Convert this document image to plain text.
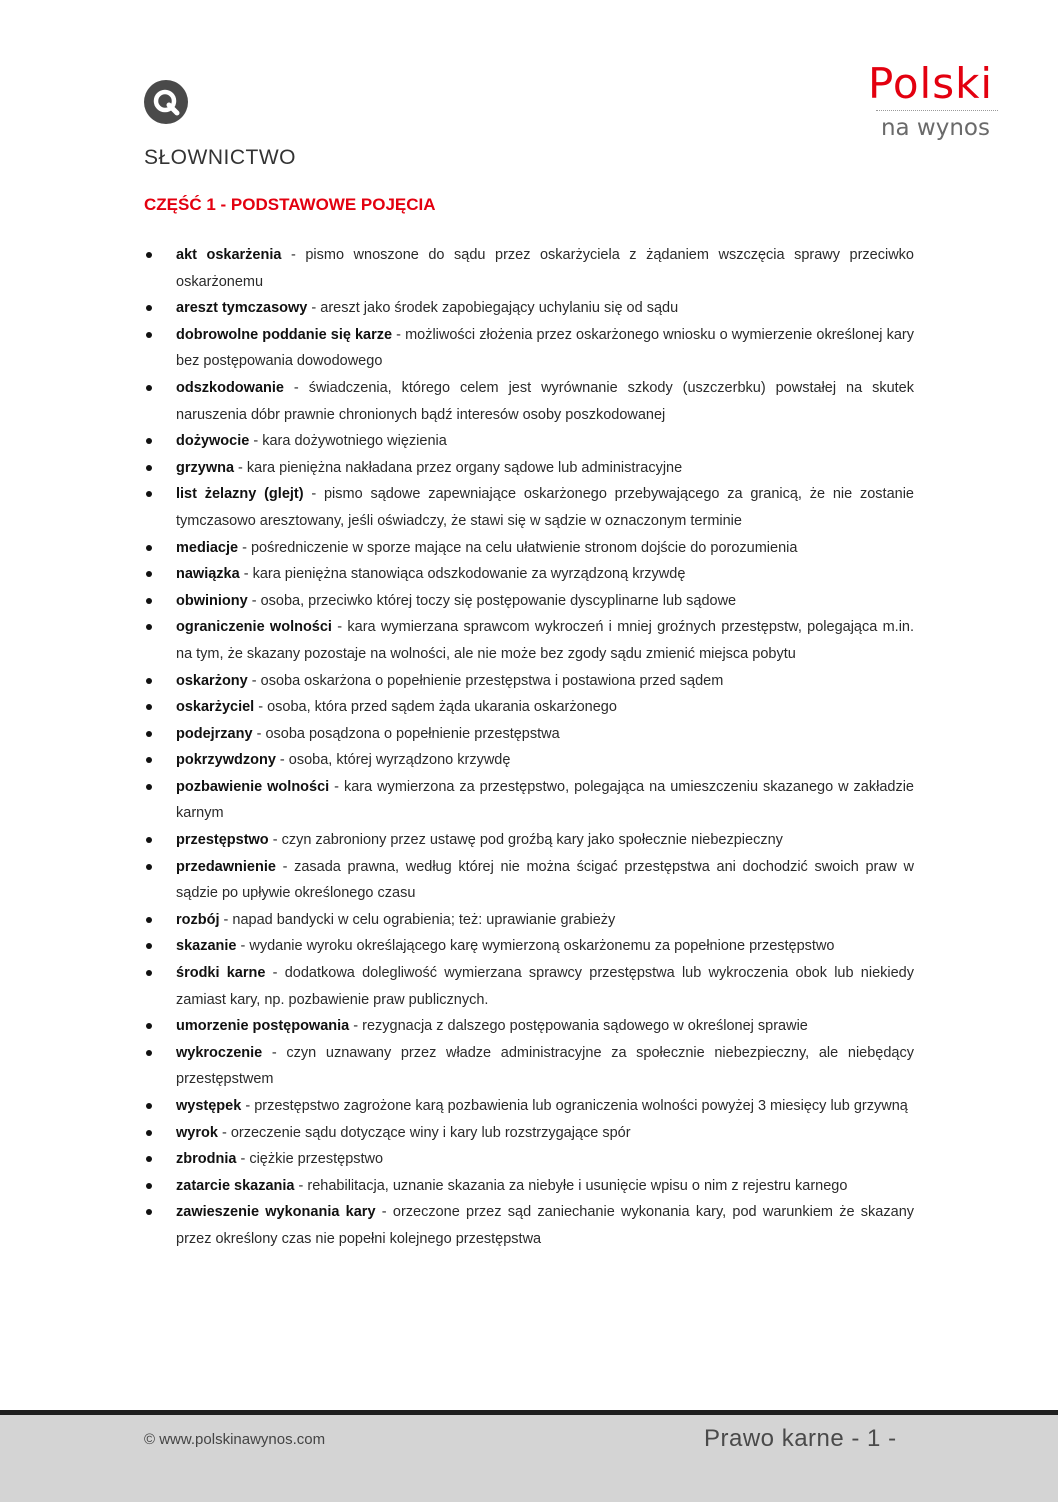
Polski
na wynos
SŁOWNICTWO
CZĘŚĆ 1 - PODSTAWOWE POJĘCIA
akt oskarżenia - pismo wnoszone do sądu przez oskarżyciela z żądaniem wszczęcia sprawy przeciwko oskarżonemu
areszt tymczasowy - areszt jako środek zapobiegający uchylaniu się od sądu
dobrowolne poddanie się karze - możliwości złożenia przez oskarżonego wniosku o wymierzenie określonej kary bez postępowania dowodowego
odszkodowanie - świadczenia, którego celem jest wyrównanie szkody (uszczerbku) powstałej na skutek naruszenia dóbr prawnie chronionych bądź interesów osoby poszkodowanej
dożywocie - kara dożywotniego więzienia
grzywna - kara pieniężna nakładana przez organy sądowe lub administracyjne
list żelazny (glejt) - pismo sądowe zapewniające oskarżonego przebywającego za granicą, że nie zostanie tymczasowo aresztowany, jeśli oświadczy, że stawi się w sądzie w oznaczonym terminie
mediacje - pośredniczenie w sporze mające na celu ułatwienie stronom dojście do porozumienia
nawiązka - kara pieniężna stanowiąca odszkodowanie za wyrządzoną krzywdę
obwiniony - osoba, przeciwko której toczy się postępowanie dyscyplinarne lub sądowe
ograniczenie wolności - kara wymierzana sprawcom wykroczeń i mniej groźnych przestępstw, polegająca m.in. na tym, że skazany pozostaje na wolności, ale nie może bez zgody sądu zmienić miejsca pobytu
oskarżony - osoba oskarżona o popełnienie przestępstwa i postawiona przed sądem
oskarżyciel - osoba, która przed sądem żąda ukarania oskarżonego
podejrzany - osoba posądzona o popełnienie przestępstwa
pokrzywdzony - osoba, której wyrządzono krzywdę
pozbawienie wolności - kara wymierzona za przestępstwo, polegająca na umieszczeniu skazanego w zakładzie karnym
przestępstwo - czyn zabroniony przez ustawę pod groźbą kary jako społecznie niebezpieczny
przedawnienie - zasada prawna, według której nie można ścigać przestępstwa ani dochodzić swoich praw w sądzie po upływie określonego czasu
rozbój - napad bandycki w celu ograbienia; też: uprawianie grabieży
skazanie - wydanie wyroku określającego karę wymierzoną oskarżonemu za popełnione przestępstwo
środki karne - dodatkowa dolegliwość wymierzana sprawcy przestępstwa lub wykroczenia obok lub niekiedy zamiast kary, np. pozbawienie praw publicznych.
umorzenie postępowania - rezygnacja z dalszego postępowania sądowego w określonej sprawie
wykroczenie - czyn uznawany przez władze administracyjne za społecznie niebezpieczny, ale niebędący przestępstwem
występek - przestępstwo zagrożone karą pozbawienia lub ograniczenia wolności powyżej 3 miesięcy lub grzywną
wyrok - orzeczenie sądu dotyczące winy i kary lub rozstrzygające spór
zbrodnia - ciężkie przestępstwo
zatarcie skazania - rehabilitacja, uznanie skazania za niebyłe i usunięcie wpisu o nim z rejestru karnego
zawieszenie wykonania kary - orzeczone przez sąd zaniechanie wykonania kary, pod warunkiem że skazany przez określony czas nie popełni kolejnego przestępstwa
© www.polskinawynos.com	Prawo karne - 1 -
